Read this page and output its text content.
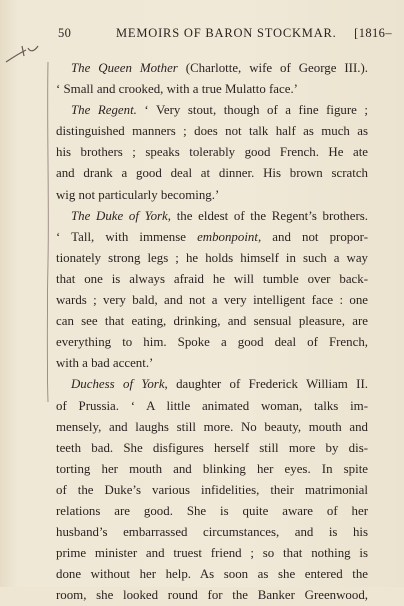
50	MEMOIRS OF BARON STOCKMAR. [1816–
The Queen Mother (Charlotte, wife of George III.).
‘ Small and crooked, with a true Mulatto face.’
The Regent. ‘ Very stout, though of a fine figure ;
distinguished manners ; does not talk half as much as
his brothers ; speaks tolerably good French. He ate
and drank a good deal at dinner. His brown scratch
wig not particularly becoming.’
The Duke of York, the eldest of the Regent’s brothers.
‘ Tall, with immense embonpoint, and not propor-
tionately strong legs ; he holds himself in such a way
that one is always afraid he will tumble over back-
wards ; very bald, and not a very intelligent face : one
can see that eating, drinking, and sensual pleasure, are
everything to him. Spoke a good deal of French,
with a bad accent.’
Duchess of York, daughter of Frederick William II.
of Prussia. ‘ A little animated woman, talks im-
mensely, and laughs still more. No beauty, mouth and
teeth bad. She disfigures herself still more by dis-
torting her mouth and blinking her eyes. In spite
of the Duke’s various infidelities, their matrimonial
relations are good. She is quite aware of her
husband’s embarrassed circumstances, and is his
prime minister and truest friend ; so that nothing is
done without her help. As soon as she entered the
room, she looked round for the Banker Greenwood,
